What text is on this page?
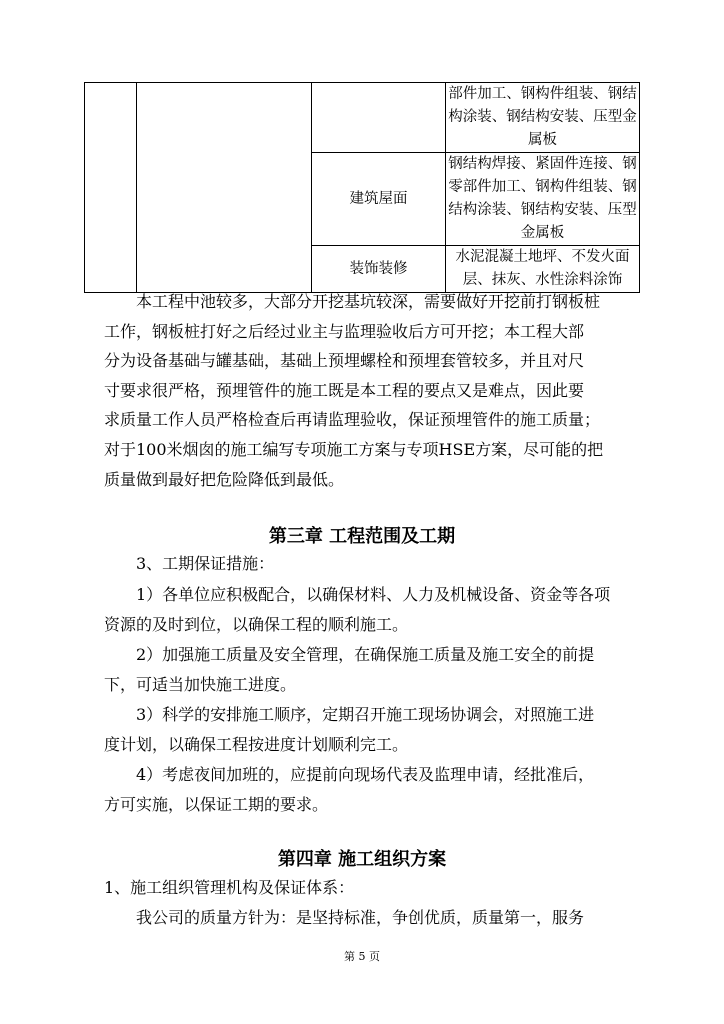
			部件加工、钢构件组装、钢结构涂装、钢结构安装、压型金属板
		建筑屋面	钢结构焊接、紧固件连接、钢零部件加工、钢构件组装、钢结构涂装、钢结构安装、压型金属板
		装饰装修	水泥混凝土地坪、不发火面层、抹灰、水性涂料涂饰

本工程中池较多，大部分开挖基坑较深，需要做好开挖前打钢板桩

工作，钢板桩打好之后经过业主与监理验收后方可开挖；本工程大部

分为设备基础与罐基础，基础上预埋螺栓和预埋套管较多，并且对尺

寸要求很严格，预埋管件的施工既是本工程的要点又是难点，因此要

求质量工作人员严格检查后再请监理验收，保证预埋管件的施工质量；

对于100米烟囱的施工编写专项施工方案与专项HSE方案，尽可能的把

质量做到最好把危险降低到最低。

第三章 工程范围及工期

3、工期保证措施：

1）各单位应积极配合，以确保材料、人力及机械设备、资金等各项

资源的及时到位，以确保工程的顺利施工。

2）加强施工质量及安全管理，在确保施工质量及施工安全的前提

下，可适当加快施工进度。

3）科学的安排施工顺序，定期召开施工现场协调会，对照施工进

度计划，以确保工程按进度计划顺利完工。

4）考虑夜间加班的，应提前向现场代表及监理申请，经批准后，

方可实施，以保证工期的要求。

第四章 施工组织方案

1、施工组织管理机构及保证体系：

我公司的质量方针为：是坚持标准，争创优质，质量第一，服务

第 5 页
